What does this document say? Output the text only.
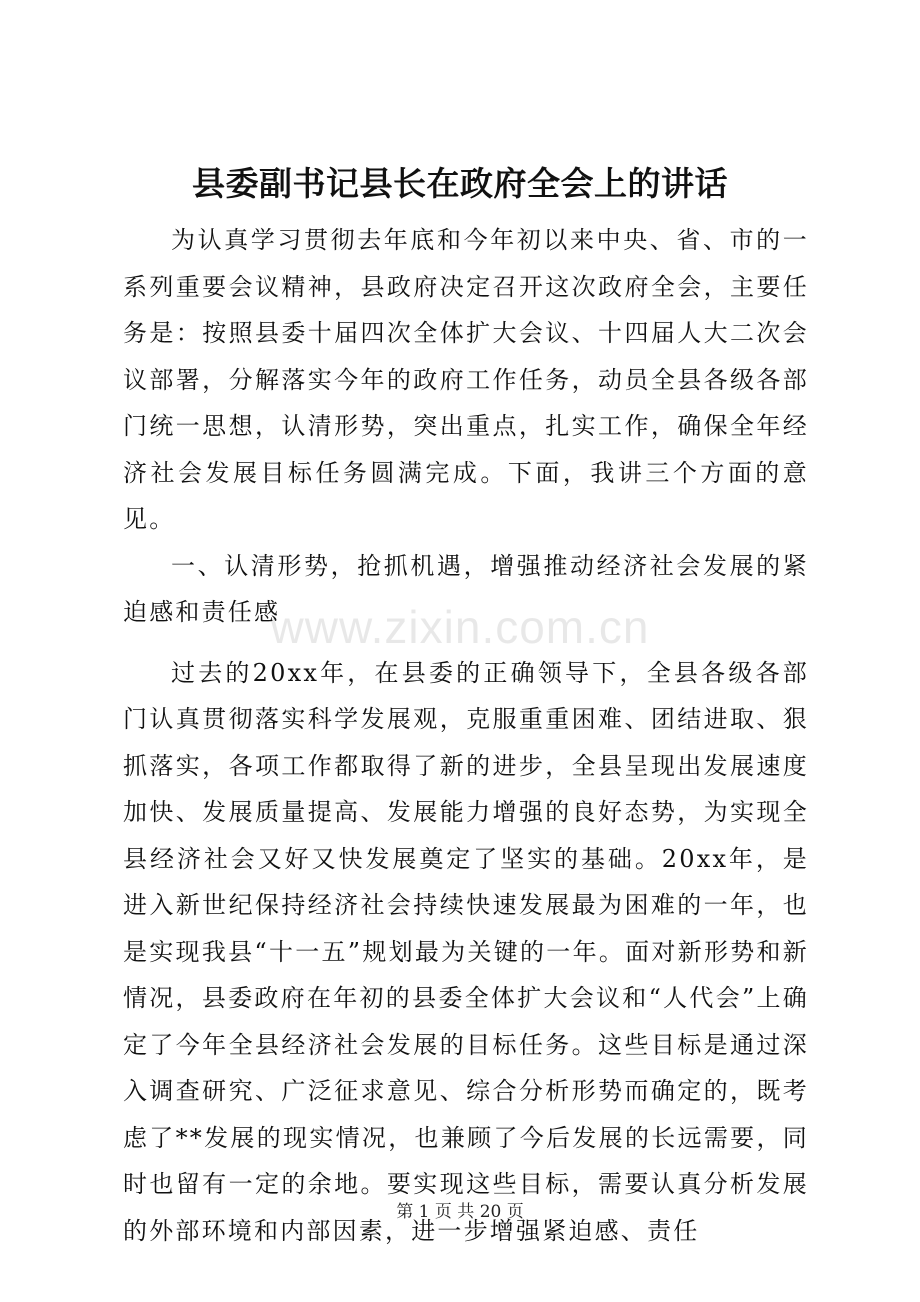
县委副书记县长在政府全会上的讲话

为认真学习贯彻去年底和今年初以来中央、省、市的一系列重要会议精神，县政府决定召开这次政府全会，主要任务是：按照县委十届四次全体扩大会议、十四届人大二次会议部署，分解落实今年的政府工作任务，动员全县各级各部门统一思想，认清形势，突出重点，扎实工作，确保全年经济社会发展目标任务圆满完成。下面，我讲三个方面的意见。

一、认清形势，抢抓机遇，增强推动经济社会发展的紧迫感和责任感

过去的20xx年，在县委的正确领导下，全县各级各部门认真贯彻落实科学发展观，克服重重困难、团结进取、狠抓落实，各项工作都取得了新的进步，全县呈现出发展速度加快、发展质量提高、发展能力增强的良好态势，为实现全县经济社会又好又快发展奠定了坚实的基础。20xx年，是进入新世纪保持经济社会持续快速发展最为困难的一年，也是实现我县“十一五”规划最为关键的一年。面对新形势和新情况，县委政府在年初的县委全体扩大会议和“人代会”上确定了今年全县经济社会发展的目标任务。这些目标是通过深入调查研究、广泛征求意见、综合分析形势而确定的，既考虑了**发展的现实情况，也兼顾了今后发展的长远需要，同时也留有一定的余地。要实现这些目标，需要认真分析发展的外部环境和内部因素，进一步增强紧迫感、责任

www.zixin.com.cn
第 1 页 共 20 页
